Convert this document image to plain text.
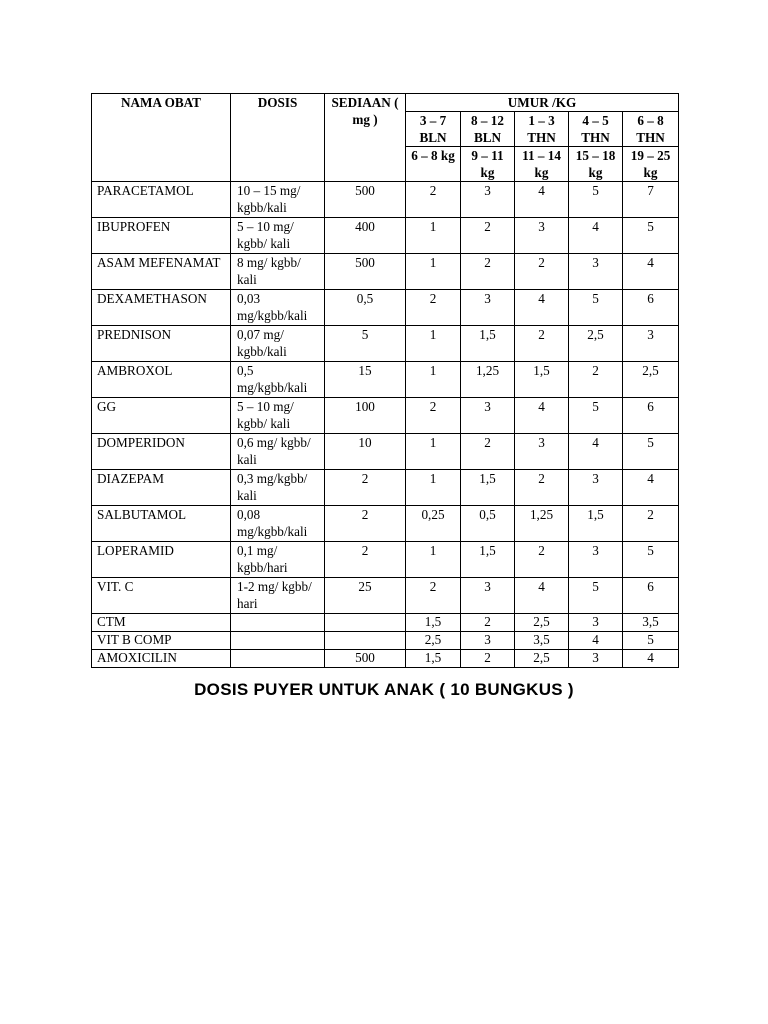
NAMA OBAT	DOSIS	SEDIAAN ( mg )	UMUR /KG				
			3 – 7 BLN	8 – 12 BLN	1 – 3 THN	4 – 5 THN	6 – 8 THN
			6 – 8 kg	9 – 11 kg	11 – 14 kg	15 – 18 kg	19 – 25 kg
PARACETAMOL	10 – 15 mg/ kgbb/kali	500	2	3	4	5	7
IBUPROFEN	5 – 10 mg/ kgbb/ kali	400	1	2	3	4	5
ASAM MEFENAMAT	8 mg/ kgbb/ kali	500	1	2	2	3	4
DEXAMETHASON	0,03 mg/kgbb/kali	0,5	2	3	4	5	6
PREDNISON	0,07 mg/ kgbb/kali	5	1	1,5	2	2,5	3
AMBROXOL	0,5 mg/kgbb/kali	15	1	1,25	1,5	2	2,5
GG	5 – 10 mg/ kgbb/ kali	100	2	3	4	5	6
DOMPERIDON	0,6 mg/ kgbb/ kali	10	1	2	3	4	5
DIAZEPAM	0,3 mg/kgbb/ kali	2	1	1,5	2	3	4
SALBUTAMOL	0,08 mg/kgbb/kali	2	0,25	0,5	1,25	1,5	2
LOPERAMID	0,1 mg/ kgbb/hari	2	1	1,5	2	3	5
VIT. C	1-2 mg/ kgbb/ hari	25	2	3	4	5	6
CTM			1,5	2	2,5	3	3,5
VIT B COMP			2,5	3	3,5	4	5
AMOXICILIN		500	1,5	2	2,5	3	4
DOSIS PUYER UNTUK ANAK ( 10 BUNGKUS )
